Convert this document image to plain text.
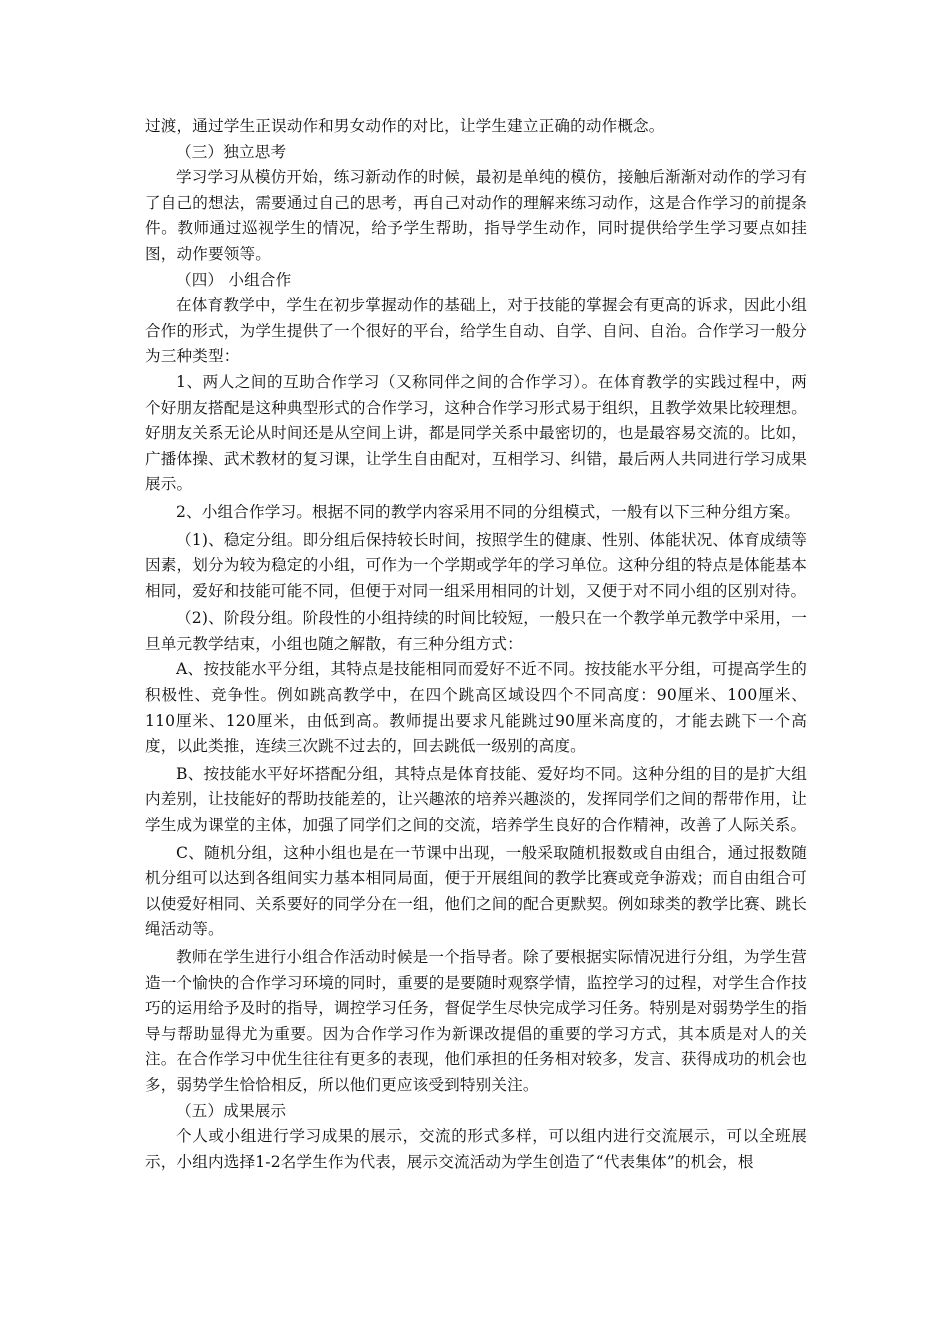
过渡，通过学生正误动作和男女动作的对比，让学生建立正确的动作概念。

（三）独立思考

学习学习从模仿开始，练习新动作的时候，最初是单纯的模仿，接触后渐渐对动作的学习有了自己的想法，需要通过自己的思考，再自己对动作的理解来练习动作，这是合作学习的前提条件。教师通过巡视学生的情况，给予学生帮助，指导学生动作，同时提供给学生学习要点如挂图，动作要领等。

（四） 小组合作

在体育教学中，学生在初步掌握动作的基础上，对于技能的掌握会有更高的诉求，因此小组合作的形式，为学生提供了一个很好的平台，给学生自动、自学、自问、自治。合作学习一般分为三种类型：

1、两人之间的互助合作学习（又称同伴之间的合作学习）。在体育教学的实践过程中，两个好朋友搭配是这种典型形式的合作学习，这种合作学习形式易于组织，且教学效果比较理想。好朋友关系无论从时间还是从空间上讲，都是同学关系中最密切的，也是最容易交流的。比如，广播体操、武术教材的复习课，让学生自由配对，互相学习、纠错，最后两人共同进行学习成果展示。

2、小组合作学习。根据不同的教学内容采用不同的分组模式，一般有以下三种分组方案。

（1)、稳定分组。即分组后保持较长时间，按照学生的健康、性别、体能状况、体育成绩等因素，划分为较为稳定的小组，可作为一个学期或学年的学习单位。这种分组的特点是体能基本相同，爱好和技能可能不同，但便于对同一组采用相同的计划，又便于对不同小组的区别对待。

（2)、阶段分组。阶段性的小组持续的时间比较短，一般只在一个教学单元教学中采用，一旦单元教学结束，小组也随之解散，有三种分组方式：

A、按技能水平分组，其特点是技能相同而爱好不近不同。按技能水平分组，可提高学生的积极性、竞争性。例如跳高教学中，在四个跳高区域设四个不同高度：90厘米、100厘米、110厘米、120厘米，由低到高。教师提出要求凡能跳过90厘米高度的，才能去跳下一个高度，以此类推，连续三次跳不过去的，回去跳低一级别的高度。

B、按技能水平好坏搭配分组，其特点是体育技能、爱好均不同。这种分组的目的是扩大组内差别，让技能好的帮助技能差的，让兴趣浓的培养兴趣淡的，发挥同学们之间的帮带作用，让学生成为课堂的主体，加强了同学们之间的交流，培养学生良好的合作精神，改善了人际关系。

C、随机分组，这种小组也是在一节课中出现，一般采取随机报数或自由组合，通过报数随机分组可以达到各组间实力基本相同局面，便于开展组间的教学比赛或竞争游戏；而自由组合可以使爱好相同、关系要好的同学分在一组，他们之间的配合更默契。例如球类的教学比赛、跳长绳活动等。

教师在学生进行小组合作活动时候是一个指导者。除了要根据实际情况进行分组，为学生营造一个愉快的合作学习环境的同时，重要的是要随时观察学情，监控学习的过程，对学生合作技巧的运用给予及时的指导，调控学习任务，督促学生尽快完成学习任务。特别是对弱势学生的指导与帮助显得尤为重要。因为合作学习作为新课改提倡的重要的学习方式，其本质是对人的关注。在合作学习中优生往往有更多的表现，他们承担的任务相对较多，发言、获得成功的机会也多，弱势学生恰恰相反，所以他们更应该受到特别关注。

（五）成果展示

个人或小组进行学习成果的展示，交流的形式多样，可以组内进行交流展示，可以全班展示，小组内选择1-2名学生作为代表，展示交流活动为学生创造了“代表集体”的机会，根
